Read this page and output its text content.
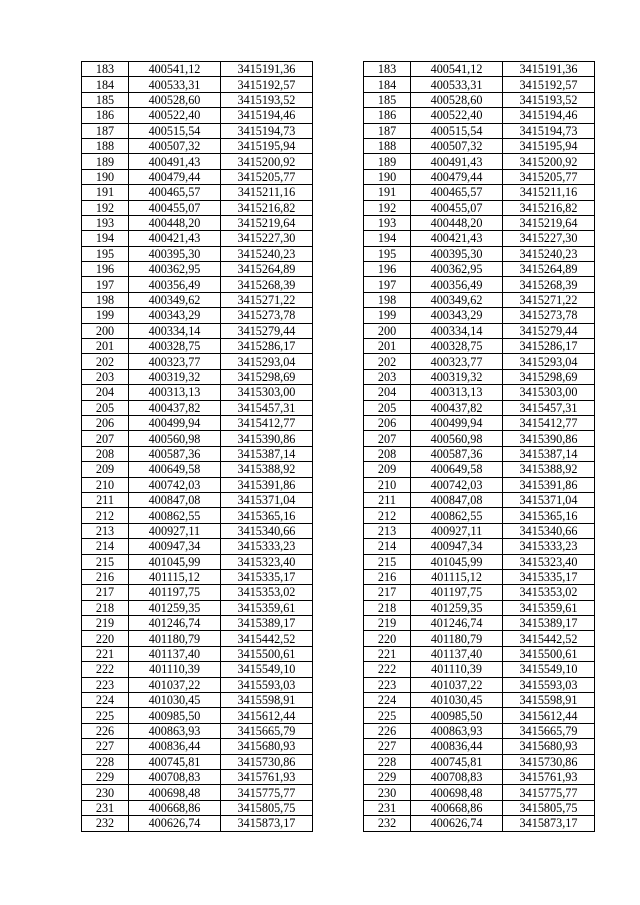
183	400541,12	3415191,36		183	400541,12	3415191,36
184	400533,31	3415192,57		184	400533,31	3415192,57
185	400528,60	3415193,52		185	400528,60	3415193,52
186	400522,40	3415194,46		186	400522,40	3415194,46
187	400515,54	3415194,73		187	400515,54	3415194,73
188	400507,32	3415195,94		188	400507,32	3415195,94
189	400491,43	3415200,92		189	400491,43	3415200,92
190	400479,44	3415205,77		190	400479,44	3415205,77
191	400465,57	3415211,16		191	400465,57	3415211,16
192	400455,07	3415216,82		192	400455,07	3415216,82
193	400448,20	3415219,64		193	400448,20	3415219,64
194	400421,43	3415227,30		194	400421,43	3415227,30
195	400395,30	3415240,23		195	400395,30	3415240,23
196	400362,95	3415264,89		196	400362,95	3415264,89
197	400356,49	3415268,39		197	400356,49	3415268,39
198	400349,62	3415271,22		198	400349,62	3415271,22
199	400343,29	3415273,78		199	400343,29	3415273,78
200	400334,14	3415279,44		200	400334,14	3415279,44
201	400328,75	3415286,17		201	400328,75	3415286,17
202	400323,77	3415293,04		202	400323,77	3415293,04
203	400319,32	3415298,69		203	400319,32	3415298,69
204	400313,13	3415303,00		204	400313,13	3415303,00
205	400437,82	3415457,31		205	400437,82	3415457,31
206	400499,94	3415412,77		206	400499,94	3415412,77
207	400560,98	3415390,86		207	400560,98	3415390,86
208	400587,36	3415387,14		208	400587,36	3415387,14
209	400649,58	3415388,92		209	400649,58	3415388,92
210	400742,03	3415391,86		210	400742,03	3415391,86
211	400847,08	3415371,04		211	400847,08	3415371,04
212	400862,55	3415365,16		212	400862,55	3415365,16
213	400927,11	3415340,66		213	400927,11	3415340,66
214	400947,34	3415333,23		214	400947,34	3415333,23
215	401045,99	3415323,40		215	401045,99	3415323,40
216	401115,12	3415335,17		216	401115,12	3415335,17
217	401197,75	3415353,02		217	401197,75	3415353,02
218	401259,35	3415359,61		218	401259,35	3415359,61
219	401246,74	3415389,17		219	401246,74	3415389,17
220	401180,79	3415442,52		220	401180,79	3415442,52
221	401137,40	3415500,61		221	401137,40	3415500,61
222	401110,39	3415549,10		222	401110,39	3415549,10
223	401037,22	3415593,03		223	401037,22	3415593,03
224	401030,45	3415598,91		224	401030,45	3415598,91
225	400985,50	3415612,44		225	400985,50	3415612,44
226	400863,93	3415665,79		226	400863,93	3415665,79
227	400836,44	3415680,93		227	400836,44	3415680,93
228	400745,81	3415730,86		228	400745,81	3415730,86
229	400708,83	3415761,93		229	400708,83	3415761,93
230	400698,48	3415775,77		230	400698,48	3415775,77
231	400668,86	3415805,75		231	400668,86	3415805,75
232	400626,74	3415873,17		232	400626,74	3415873,17
